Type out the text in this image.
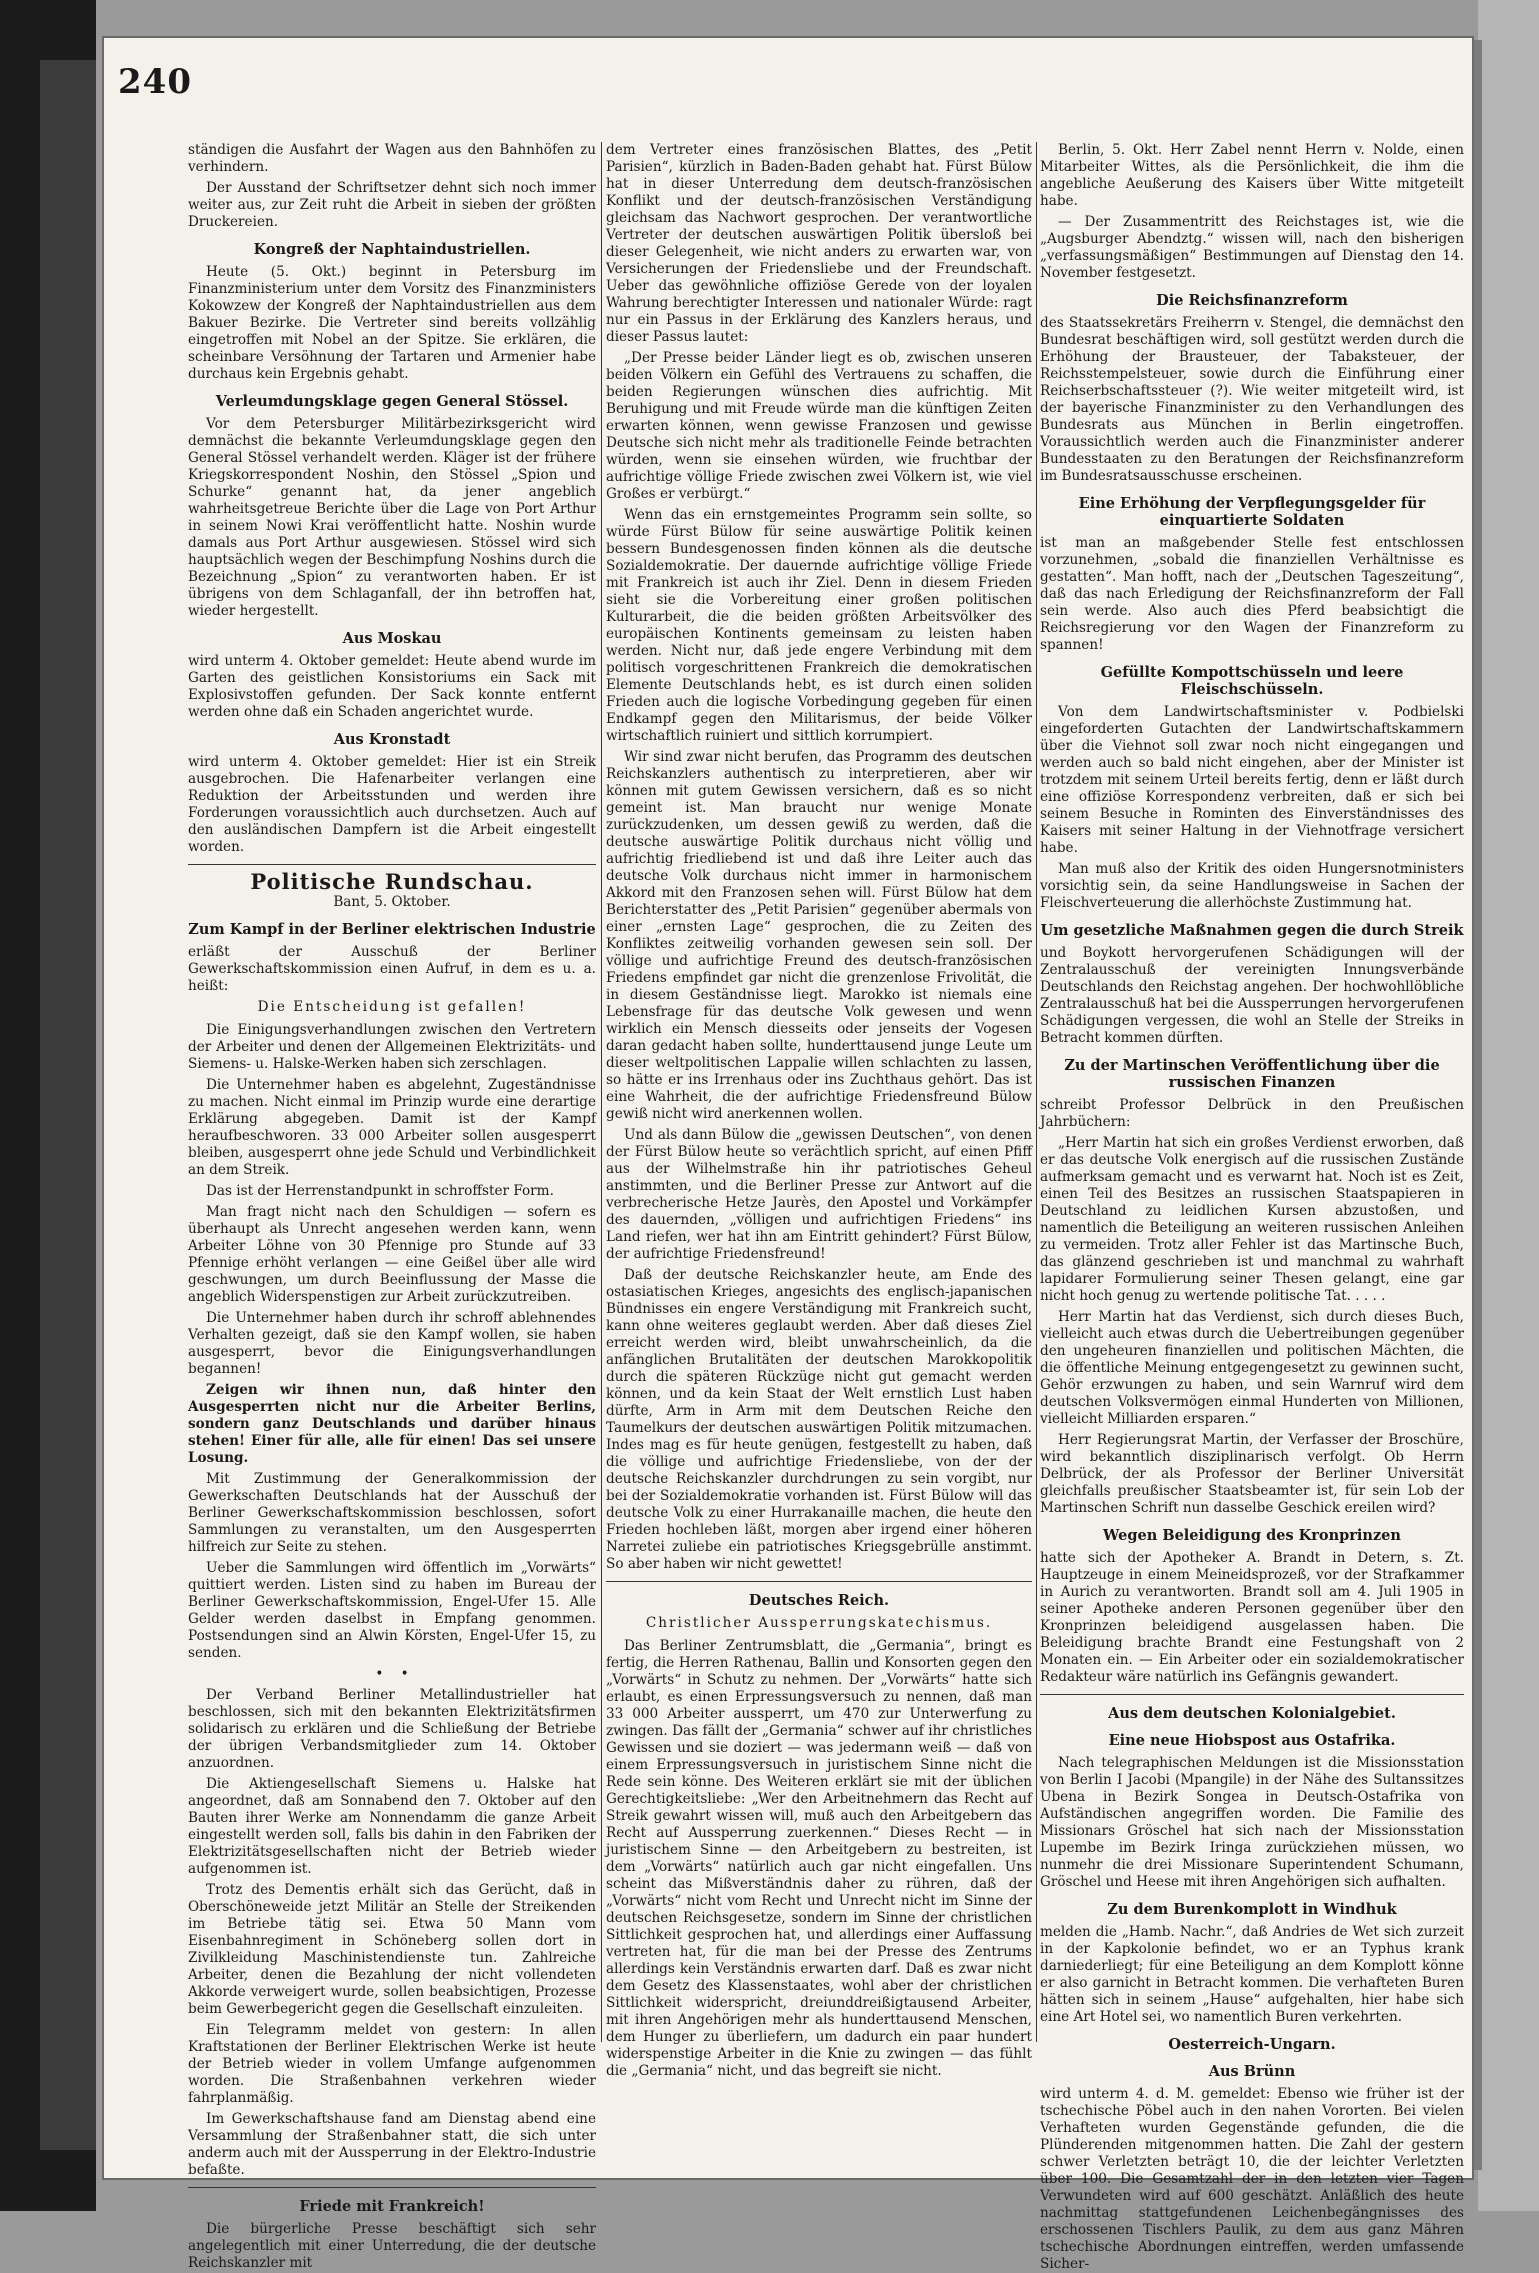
240

ständigen die Ausfahrt der Wagen aus den Bahnhöfen zu verhindern.

Der Ausstand der Schriftsetzer dehnt sich noch immer weiter aus, zur Zeit ruht die Arbeit in sieben der größten Druckereien.

Kongreß der Naphtaindustriellen.

Heute (5. Okt.) beginnt in Petersburg im Finanzministerium unter dem Vorsitz des Finanzministers Kokowzew der Kongreß der Naphtaindustriellen aus dem Bakuer Bezirke. Die Vertreter sind bereits vollzählig eingetroffen mit Nobel an der Spitze. Sie erklären, die scheinbare Versöhnung der Tartaren und Armenier habe durchaus kein Ergebnis gehabt.

Verleumdungsklage gegen General Stössel.

Vor dem Petersburger Militärbezirksgericht wird demnächst die bekannte Verleumdungsklage gegen den General Stössel verhandelt werden. Kläger ist der frühere Kriegskorrespondent Noshin, den Stössel „Spion und Schurke“ genannt hat, da jener angeblich wahrheitsgetreue Berichte über die Lage von Port Arthur in seinem Nowi Krai veröffentlicht hatte. Noshin wurde damals aus Port Arthur ausgewiesen. Stössel wird sich hauptsächlich wegen der Beschimpfung Noshins durch die Bezeichnung „Spion“ zu verantworten haben. Er ist übrigens von dem Schlaganfall, der ihn betroffen hat, wieder hergestellt.

Aus Moskau

wird unterm 4. Oktober gemeldet: Heute abend wurde im Garten des geistlichen Konsistoriums ein Sack mit Explosivstoffen gefunden. Der Sack konnte entfernt werden ohne daß ein Schaden angerichtet wurde.

Aus Kronstadt

wird unterm 4. Oktober gemeldet: Hier ist ein Streik ausgebrochen. Die Hafenarbeiter verlangen eine Reduktion der Arbeitsstunden und werden ihre Forderungen voraussichtlich auch durchsetzen. Auch auf den ausländischen Dampfern ist die Arbeit eingestellt worden.

Politische Rundschau.
Bant, 5. Oktober.
Zum Kampf in der Berliner elektrischen Industrie

erläßt der Ausschuß der Berliner Gewerkschaftskommission einen Aufruf, in dem es u. a. heißt:

Die Entscheidung ist gefallen!

Die Einigungsverhandlungen zwischen den Vertretern der Arbeiter und denen der Allgemeinen Elektrizitäts- und Siemens- u. Halske-Werken haben sich zerschlagen.

Die Unternehmer haben es abgelehnt, Zugeständnisse zu machen. Nicht einmal im Prinzip wurde eine derartige Erklärung abgegeben. Damit ist der Kampf heraufbeschworen. 33 000 Arbeiter sollen ausgesperrt bleiben, ausgesperrt ohne jede Schuld und Verbindlichkeit an dem Streik.

Das ist der Herrenstandpunkt in schroffster Form.

Man fragt nicht nach den Schuldigen — sofern es überhaupt als Unrecht angesehen werden kann, wenn Arbeiter Löhne von 30 Pfennige pro Stunde auf 33 Pfennige erhöht verlangen — eine Geißel über alle wird geschwungen, um durch Beeinflussung der Masse die angeblich Widerspenstigen zur Arbeit zurückzutreiben.

Die Unternehmer haben durch ihr schroff ablehnendes Verhalten gezeigt, daß sie den Kampf wollen, sie haben ausgesperrt, bevor die Einigungsverhandlungen begannen!

Zeigen wir ihnen nun, daß hinter den Ausgesperrten nicht nur die Arbeiter Berlins, sondern ganz Deutschlands und darüber hinaus stehen! Einer für alle, alle für einen! Das sei unsere Losung.

Mit Zustimmung der Generalkommission der Gewerkschaften Deutschlands hat der Ausschuß der Berliner Gewerkschaftskommission beschlossen, sofort Sammlungen zu veranstalten, um den Ausgesperrten hilfreich zur Seite zu stehen.

Ueber die Sammlungen wird öffentlich im „Vorwärts“ quittiert werden. Listen sind zu haben im Bureau der Berliner Gewerkschaftskommission, Engel-Ufer 15. Alle Gelder werden daselbst in Empfang genommen. Postsendungen sind an Alwin Körsten, Engel-Ufer 15, zu senden.

•    •

Der Verband Berliner Metallindustrieller hat beschlossen, sich mit den bekannten Elektrizitätsfirmen solidarisch zu erklären und die Schließung der Betriebe der übrigen Verbandsmitglieder zum 14. Oktober anzuordnen.

Die Aktiengesellschaft Siemens u. Halske hat angeordnet, daß am Sonnabend den 7. Oktober auf den Bauten ihrer Werke am Nonnendamm die ganze Arbeit eingestellt werden soll, falls bis dahin in den Fabriken der Elektrizitätsgesellschaften nicht der Betrieb wieder aufgenommen ist.

Trotz des Dementis erhält sich das Gerücht, daß in Oberschöneweide jetzt Militär an Stelle der Streikenden im Betriebe tätig sei. Etwa 50 Mann vom Eisenbahnregiment in Schöneberg sollen dort in Zivilkleidung Maschinistendienste tun. Zahlreiche Arbeiter, denen die Bezahlung der nicht vollendeten Akkorde verweigert wurde, sollen beabsichtigen, Prozesse beim Gewerbegericht gegen die Gesellschaft einzuleiten.

Ein Telegramm meldet von gestern: In allen Kraftstationen der Berliner Elektrischen Werke ist heute der Betrieb wieder in vollem Umfange aufgenommen worden. Die Straßenbahnen verkehren wieder fahrplanmäßig.

Im Gewerkschaftshause fand am Dienstag abend eine Versammlung der Straßenbahner statt, die sich unter anderm auch mit der Aussperrung in der Elektro-Industrie befaßte.

Friede mit Frankreich!

Die bürgerliche Presse beschäftigt sich sehr angelegentlich mit einer Unterredung, die der deutsche Reichskanzler mit

dem Vertreter eines französischen Blattes, des „Petit Parisien“, kürzlich in Baden-Baden gehabt hat. Fürst Bülow hat in dieser Unterredung dem deutsch-französischen Konflikt und der deutsch-französischen Verständigung gleichsam das Nachwort gesprochen. Der verantwortliche Vertreter der deutschen auswärtigen Politik übersloß bei dieser Gelegenheit, wie nicht anders zu erwarten war, von Versicherungen der Friedensliebe und der Freundschaft. Ueber das gewöhnliche offiziöse Gerede von der loyalen Wahrung berechtigter Interessen und nationaler Würde: ragt nur ein Passus in der Erklärung des Kanzlers heraus, und dieser Passus lautet:

„Der Presse beider Länder liegt es ob, zwischen unseren beiden Völkern ein Gefühl des Vertrauens zu schaffen, die beiden Regierungen wünschen dies aufrichtig. Mit Beruhigung und mit Freude würde man die künftigen Zeiten erwarten können, wenn gewisse Franzosen und gewisse Deutsche sich nicht mehr als traditionelle Feinde betrachten würden, wenn sie einsehen würden, wie fruchtbar der aufrichtige völlige Friede zwischen zwei Völkern ist, wie viel Großes er verbürgt.“

Wenn das ein ernstgemeintes Programm sein sollte, so würde Fürst Bülow für seine auswärtige Politik keinen bessern Bundesgenossen finden können als die deutsche Sozialdemokratie. Der dauernde aufrichtige völlige Friede mit Frankreich ist auch ihr Ziel. Denn in diesem Frieden sieht sie die Vorbereitung einer großen politischen Kulturarbeit, die die beiden größten Arbeitsvölker des europäischen Kontinents gemeinsam zu leisten haben werden. Nicht nur, daß jede engere Verbindung mit dem politisch vorgeschrittenen Frankreich die demokratischen Elemente Deutschlands hebt, es ist durch einen soliden Frieden auch die logische Vorbedingung gegeben für einen Endkampf gegen den Militarismus, der beide Völker wirtschaftlich ruiniert und sittlich korrumpiert.

Wir sind zwar nicht berufen, das Programm des deutschen Reichskanzlers authentisch zu interpretieren, aber wir können mit gutem Gewissen versichern, daß es so nicht gemeint ist. Man braucht nur wenige Monate zurückzudenken, um dessen gewiß zu werden, daß die deutsche auswärtige Politik durchaus nicht völlig und aufrichtig friedliebend ist und daß ihre Leiter auch das deutsche Volk durchaus nicht immer in harmonischem Akkord mit den Franzosen sehen will. Fürst Bülow hat dem Berichterstatter des „Petit Parisien“ gegenüber abermals von einer „ernsten Lage“ gesprochen, die zu Zeiten des Konfliktes zeitweilig vorhanden gewesen sein soll. Der völlige und aufrichtige Freund des deutsch-französischen Friedens empfindet gar nicht die grenzenlose Frivolität, die in diesem Geständnisse liegt. Marokko ist niemals eine Lebensfrage für das deutsche Volk gewesen und wenn wirklich ein Mensch diesseits oder jenseits der Vogesen daran gedacht haben sollte, hunderttausend junge Leute um dieser weltpolitischen Lappalie willen schlachten zu lassen, so hätte er ins Irrenhaus oder ins Zuchthaus gehört. Das ist eine Wahrheit, die der aufrichtige Friedensfreund Bülow gewiß nicht wird anerkennen wollen.

Und als dann Bülow die „gewissen Deutschen“, von denen der Fürst Bülow heute so verächtlich spricht, auf einen Pfiff aus der Wilhelmstraße hin ihr patriotisches Geheul anstimmten, und die Berliner Presse zur Antwort auf die verbrecherische Hetze Jaurès, den Apostel und Vorkämpfer des dauernden, „völligen und aufrichtigen Friedens“ ins Land riefen, wer hat ihn am Eintritt gehindert? Fürst Bülow, der aufrichtige Friedensfreund!

Daß der deutsche Reichskanzler heute, am Ende des ostasiatischen Krieges, angesichts des englisch-japanischen Bündnisses ein engere Verständigung mit Frankreich sucht, kann ohne weiteres geglaubt werden. Aber daß dieses Ziel erreicht werden wird, bleibt unwahrscheinlich, da die anfänglichen Brutalitäten der deutschen Marokkopolitik durch die späteren Rückzüge nicht gut gemacht werden können, und da kein Staat der Welt ernstlich Lust haben dürfte, Arm in Arm mit dem Deutschen Reiche den Taumelkurs der deutschen auswärtigen Politik mitzumachen. Indes mag es für heute genügen, festgestellt zu haben, daß die völlige und aufrichtige Friedensliebe, von der der deutsche Reichskanzler durchdrungen zu sein vorgibt, nur bei der Sozialdemokratie vorhanden ist. Fürst Bülow will das deutsche Volk zu einer Hurrakanaille machen, die heute den Frieden hochleben läßt, morgen aber irgend einer höheren Narretei zuliebe ein patriotisches Kriegsgebrülle anstimmt. So aber haben wir nicht gewettet!

Deutsches Reich.
Christlicher Aussperrungskatechismus.

Das Berliner Zentrumsblatt, die „Germania“, bringt es fertig, die Herren Rathenau, Ballin und Konsorten gegen den „Vorwärts“ in Schutz zu nehmen. Der „Vorwärts“ hatte sich erlaubt, es einen Erpressungsversuch zu nennen, daß man 33 000 Arbeiter aussperrt, um 470 zur Unterwerfung zu zwingen. Das fällt der „Germania“ schwer auf ihr christliches Gewissen und sie doziert — was jedermann weiß — daß von einem Erpressungsversuch in juristischem Sinne nicht die Rede sein könne. Des Weiteren erklärt sie mit der üblichen Gerechtigkeitsliebe: „Wer den Arbeitnehmern das Recht auf Streik gewahrt wissen will, muß auch den Arbeitgebern das Recht auf Aussperrung zuerkennen.“ Dieses Recht — in juristischem Sinne — den Arbeitgebern zu bestreiten, ist dem „Vorwärts“ natürlich auch gar nicht eingefallen. Uns scheint das Mißverständnis daher zu rühren, daß der „Vorwärts“ nicht vom Recht und Unrecht nicht im Sinne der deutschen Reichsgesetze, sondern im Sinne der christlichen Sittlichkeit gesprochen hat, und allerdings einer Auffassung vertreten hat, für die man bei der Presse des Zentrums allerdings kein Verständnis erwarten darf. Daß es zwar nicht dem Gesetz des Klassenstaates, wohl aber der christlichen Sittlichkeit widerspricht, dreiunddreißigtausend Arbeiter, mit ihren Angehörigen mehr als hunderttausend Menschen, dem Hunger zu überliefern, um dadurch ein paar hundert widerspenstige Arbeiter in die Knie zu zwingen — das fühlt die „Germania“ nicht, und das begreift sie nicht.

Berlin, 5. Okt. Herr Zabel nennt Herrn v. Nolde, einen Mitarbeiter Wittes, als die Persönlichkeit, die ihm die angebliche Aeußerung des Kaisers über Witte mitgeteilt habe.

— Der Zusammentritt des Reichstages ist, wie die „Augsburger Abendztg.“ wissen will, nach den bisherigen „verfassungsmäßigen“ Bestimmungen auf Dienstag den 14. November festgesetzt.

Die Reichsfinanzreform

des Staatssekretärs Freiherrn v. Stengel, die demnächst den Bundesrat beschäftigen wird, soll gestützt werden durch die Erhöhung der Brausteuer, der Tabaksteuer, der Reichsstempelsteuer, sowie durch die Einführung einer Reichserbschaftssteuer (?). Wie weiter mitgeteilt wird, ist der bayerische Finanzminister zu den Verhandlungen des Bundesrats aus München in Berlin eingetroffen. Voraussichtlich werden auch die Finanzminister anderer Bundesstaaten zu den Beratungen der Reichsfinanzreform im Bundesratsausschusse erscheinen.

Eine Erhöhung der Verpflegungsgelder für einquartierte Soldaten

ist man an maßgebender Stelle fest entschlossen vorzunehmen, „sobald die finanziellen Verhältnisse es gestatten“. Man hofft, nach der „Deutschen Tageszeitung“, daß das nach Erledigung der Reichsfinanzreform der Fall sein werde. Also auch dies Pferd beabsichtigt die Reichsregierung vor den Wagen der Finanzreform zu spannen!

Gefüllte Kompottschüsseln und leere Fleischschüsseln.

Von dem Landwirtschaftsminister v. Podbielski eingeforderten Gutachten der Landwirtschaftskammern über die Viehnot soll zwar noch nicht eingegangen und werden auch so bald nicht eingehen, aber der Minister ist trotzdem mit seinem Urteil bereits fertig, denn er läßt durch eine offiziöse Korrespondenz verbreiten, daß er sich bei seinem Besuche in Rominten des Einverständnisses des Kaisers mit seiner Haltung in der Viehnotfrage versichert habe.

Man muß also der Kritik des oiden Hungersnotministers vorsichtig sein, da seine Handlungsweise in Sachen der Fleischverteuerung die allerhöchste Zustimmung hat.

Um gesetzliche Maßnahmen gegen die durch Streik

und Boykott hervorgerufenen Schädigungen will der Zentralausschuß der vereinigten Innungsverbände Deutschlands den Reichstag angehen. Der hochwohllöbliche Zentralausschuß hat bei die Aussperrungen hervorgerufenen Schädigungen vergessen, die wohl an Stelle der Streiks in Betracht kommen dürften.

Zu der Martinschen Veröffentlichung über die russischen Finanzen

schreibt Professor Delbrück in den Preußischen Jahrbüchern:

„Herr Martin hat sich ein großes Verdienst erworben, daß er das deutsche Volk energisch auf die russischen Zustände aufmerksam gemacht und es verwarnt hat. Noch ist es Zeit, einen Teil des Besitzes an russischen Staatspapieren in Deutschland zu leidlichen Kursen abzustoßen, und namentlich die Beteiligung an weiteren russischen Anleihen zu vermeiden. Trotz aller Fehler ist das Martinsche Buch, das glänzend geschrieben ist und manchmal zu wahrhaft lapidarer Formulierung seiner Thesen gelangt, eine gar nicht hoch genug zu wertende politische Tat. . . . .

Herr Martin hat das Verdienst, sich durch dieses Buch, vielleicht auch etwas durch die Uebertreibungen gegenüber den ungeheuren finanziellen und politischen Mächten, die die öffentliche Meinung entgegengesetzt zu gewinnen sucht, Gehör erzwungen zu haben, und sein Warnruf wird dem deutschen Volksvermögen einmal Hunderten von Millionen, vielleicht Milliarden ersparen.“

Herr Regierungsrat Martin, der Verfasser der Broschüre, wird bekanntlich disziplinarisch verfolgt. Ob Herrn Delbrück, der als Professor der Berliner Universität gleichfalls preußischer Staatsbeamter ist, für sein Lob der Martinschen Schrift nun dasselbe Geschick ereilen wird?

Wegen Beleidigung des Kronprinzen

hatte sich der Apotheker A. Brandt in Detern, s. Zt. Hauptzeuge in einem Meineidsprozeß, vor der Strafkammer in Aurich zu verantworten. Brandt soll am 4. Juli 1905 in seiner Apotheke anderen Personen gegenüber über den Kronprinzen beleidigend ausgelassen haben. Die Beleidigung brachte Brandt eine Festungshaft von 2 Monaten ein. — Ein Arbeiter oder ein sozialdemokratischer Redakteur wäre natürlich ins Gefängnis gewandert.

Aus dem deutschen Kolonialgebiet.
Eine neue Hiobspost aus Ostafrika.

Nach telegraphischen Meldungen ist die Missionsstation von Berlin I Jacobi (Mpangile) in der Nähe des Sultanssitzes Ubena in Bezirk Songea in Deutsch-Ostafrika von Aufständischen angegriffen worden. Die Familie des Missionars Gröschel hat sich nach der Missionsstation Lupembe im Bezirk Iringa zurückziehen müssen, wo nunmehr die drei Missionare Superintendent Schumann, Gröschel und Heese mit ihren Angehörigen sich aufhalten.

Zu dem Burenkomplott in Windhuk

melden die „Hamb. Nachr.“, daß Andries de Wet sich zurzeit in der Kapkolonie befindet, wo er an Typhus krank darniederliegt; für eine Beteiligung an dem Komplott könne er also garnicht in Betracht kommen. Die verhafteten Buren hätten sich in seinem „Hause“ aufgehalten, hier habe sich eine Art Hotel sei, wo namentlich Buren verkehrten.

Oesterreich-Ungarn.
Aus Brünn

wird unterm 4. d. M. gemeldet: Ebenso wie früher ist der tschechische Pöbel auch in den nahen Vororten. Bei vielen Verhafteten wurden Gegenstände gefunden, die die Plünderenden mitgenommen hatten. Die Zahl der gestern schwer Verletzten beträgt 10, die der leichter Verletzten über 100. Die Gesamtzahl der in den letzten vier Tagen Verwundeten wird auf 600 geschätzt. Anläßlich des heute nachmittag stattgefundenen Leichenbegängnisses des erschossenen Tischlers Paulik, zu dem aus ganz Mähren tschechische Abordnungen eintreffen, werden umfassende Sicher-
